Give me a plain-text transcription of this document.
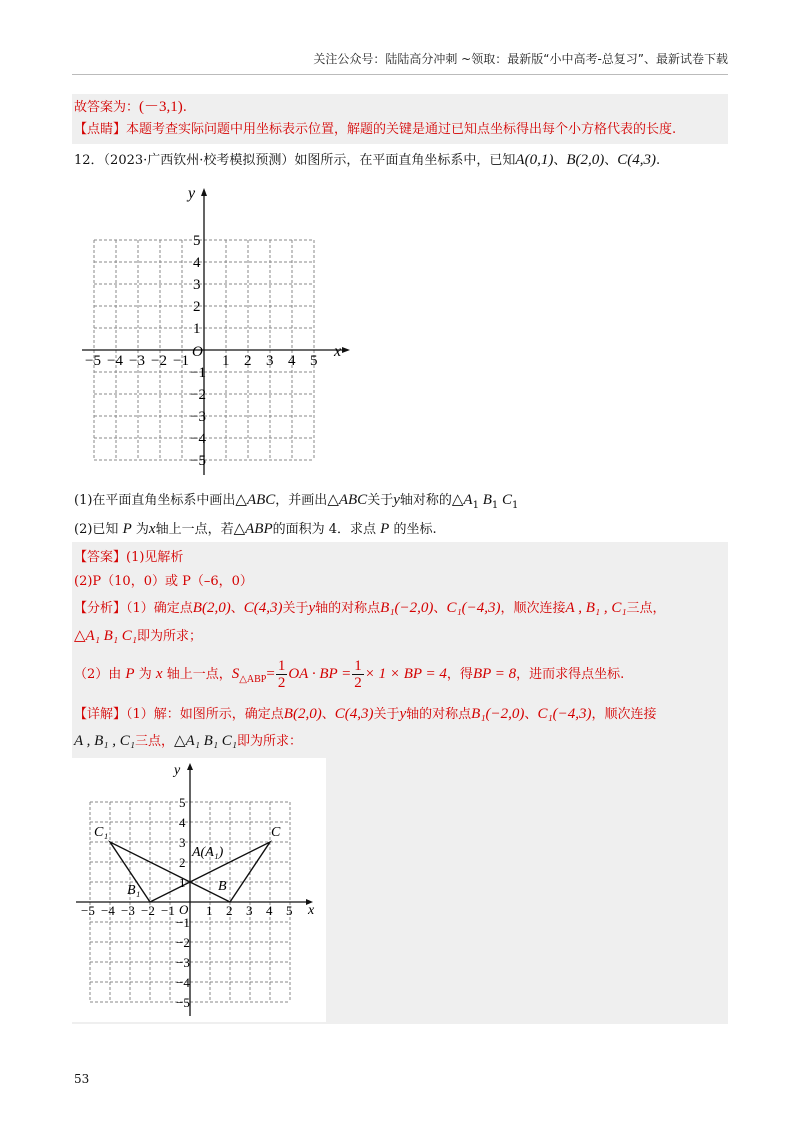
关注公众号：陆陆高分冲刺 ~领取：最新版“小中高考-总复习”、最新试卷下载
故答案为：(－3,1).
【点睛】本题考查实际问题中用坐标表示位置，解题的关键是通过已知点坐标得出每个小方格代表的长度.
12．（2023·广西钦州·校考模拟预测）如图所示，在平面直角坐标系中，已知A(0,1)、B(2,0)、C(4,3).
x
y
O
−5 −4 −3 −2 −1 1 2 3 4 5
5
4
3
2
1
−1
−2
−3
−4
−5
(1)在平面直角坐标系中画出△ABC，并画出△ABC关于y轴对称的$\triangle A_1$ $B_1$ $C_1$
(2)已知 P 为x轴上一点，若△ABP的面积为 4．求点 P 的坐标.
【答案】(1)见解析
(2)P（10，0）或 P（–6，0）
【分析】（1）确定点B(2,0)、C(4,3)关于y轴的对称点B₁(−2,0)、C₁(−4,3)，顺次连接A , B₁ , C₁三点，
△A₁ B₁ C₁即为所求；
（2）由 P 为 x 轴上一点，$S_{\triangle ABP}= \frac{1}{2}$ OA · BP = $\frac{1}{2} \times 1$ × BP = 4，得BP = 8，进而求得点坐标.
【详解】（1）解：如图所示，确定点B(2,0)、C(4,3)关于y轴的对称点B₁(−2,0)、C₁(−4,3)，顺次连接
A , B₁ , C₁三点，△A₁ B₁ C₁即为所求：
x
y
O
−5 −4 −3 −2 −1 1 2 3 4 5
5
4
3
2
1
−1
−2
−3
−4
−5
C₁	C
A(A₁)
B₁	B
53
